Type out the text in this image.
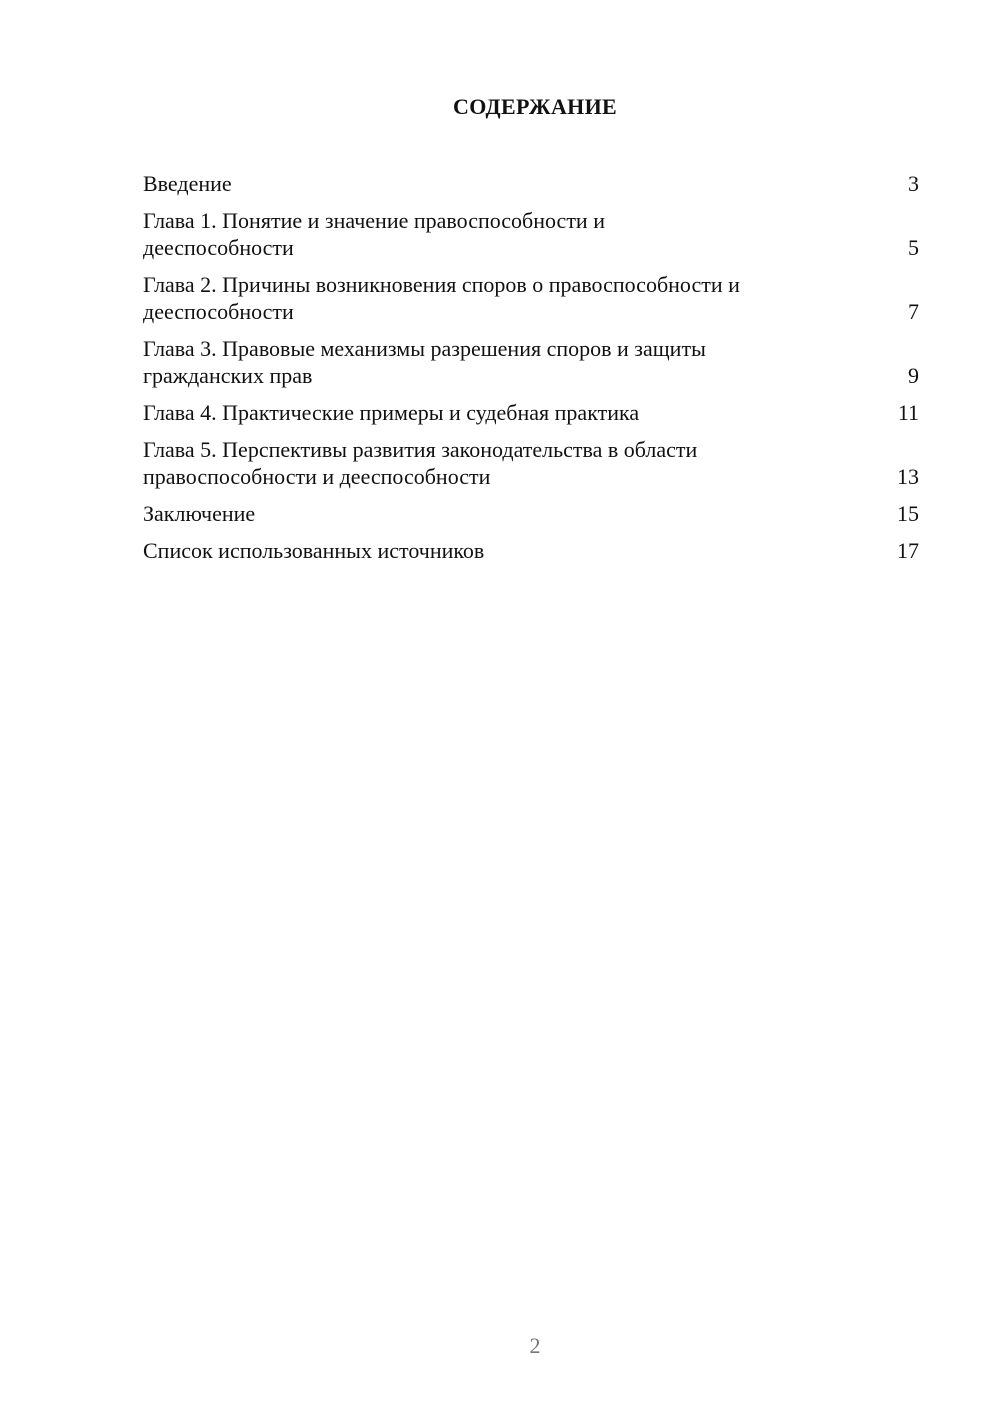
СОДЕРЖАНИЕ
Введение	3
Глава 1. Понятие и значение правоспособности и
дееспособности	5
Глава 2. Причины возникновения споров о правоспособности и
дееспособности	7
Глава 3. Правовые механизмы разрешения споров и защиты
гражданских прав	9
Глава 4. Практические примеры и судебная практика	11
Глава 5. Перспективы развития законодательства в области
правоспособности и дееспособности	13
Заключение	15
Список использованных источников	17
2
